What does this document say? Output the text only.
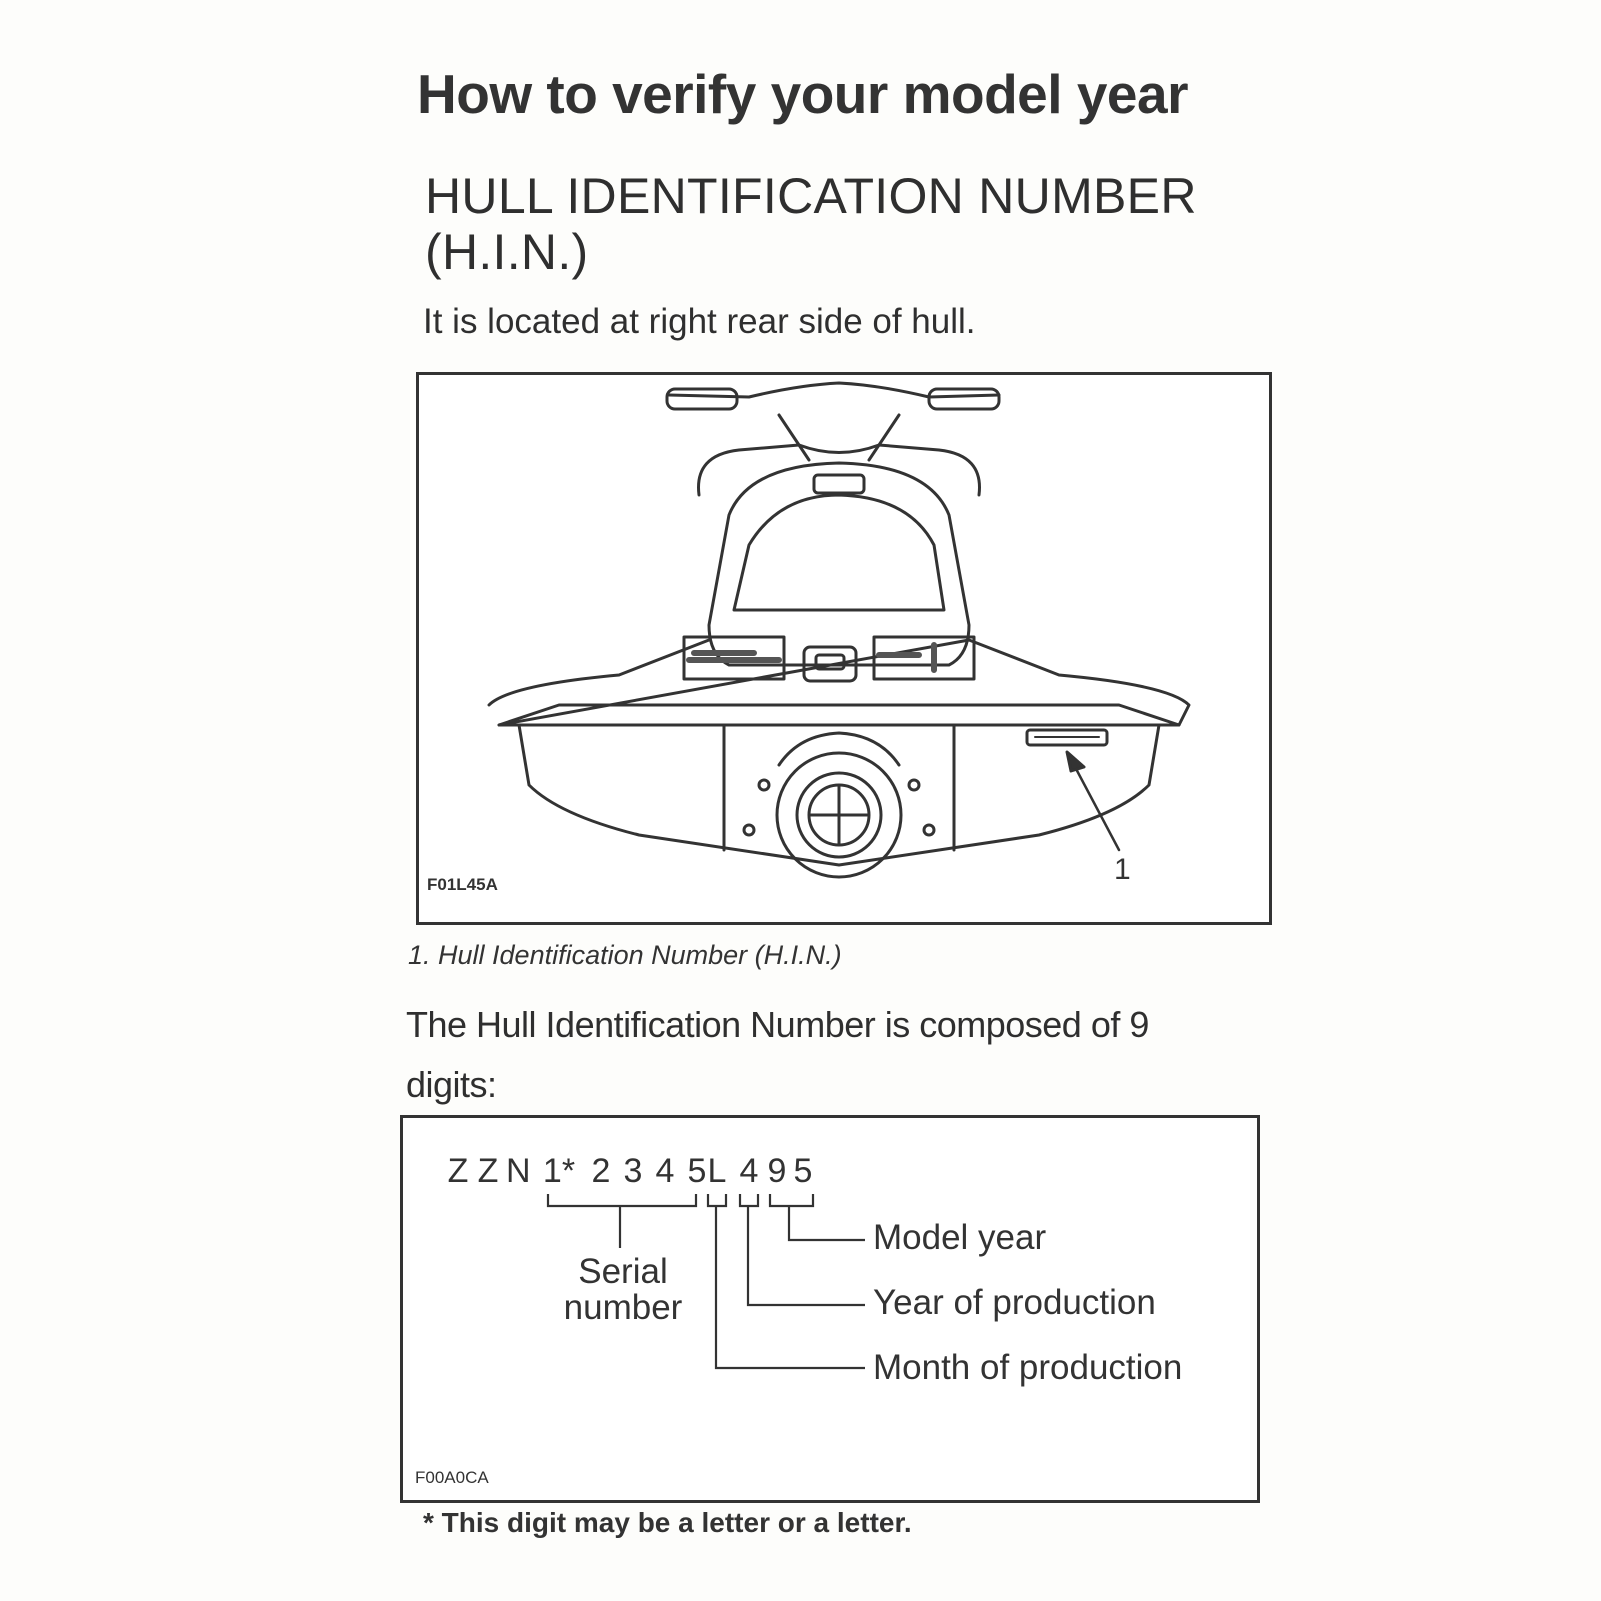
How to verify your model year
HULL IDENTIFICATION NUMBER
(H.I.N.)
It is located at right rear side of hull.
F01L45A	1
1. Hull Identification Number (H.I.N.)
The Hull Identification Number is composed of 9 digits:
Z Z N 1* 2 3 4 5 L 4 9 5
Serial
number
Model year
Year of production
Month of production
F00A0CA
* This digit may be a letter or a letter.
